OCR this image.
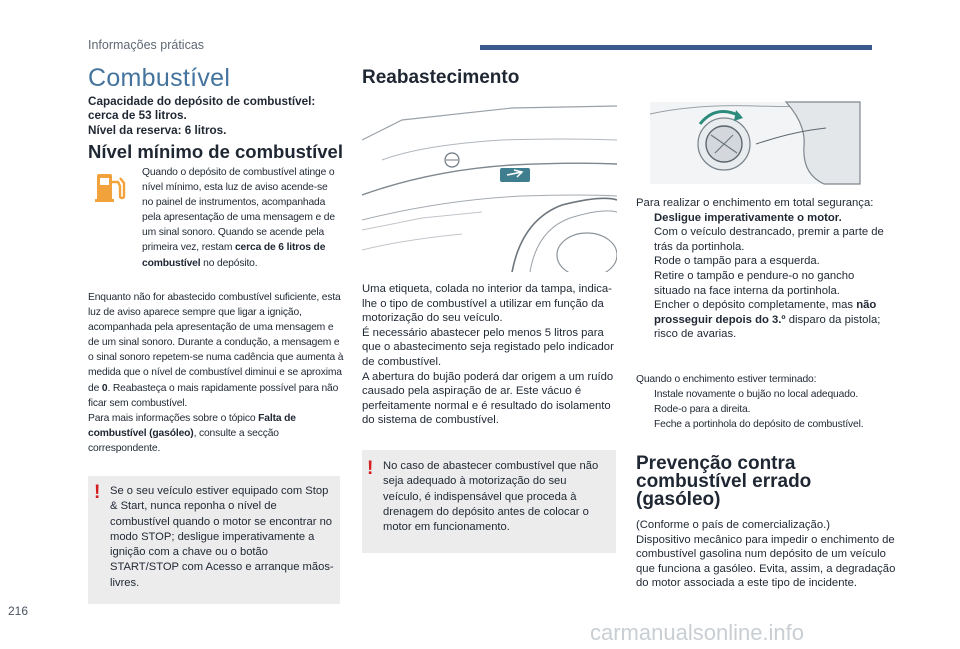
Informações práticas
Combustível
Capacidade do depósito de combustível:
cerca de 53 litros.
Nível da reserva: 6 litros.
Nível mínimo de combustível
Quando o depósito de combustível atinge o nível mínimo, esta luz de aviso acende-se no painel de instrumentos, acompanhada pela apresentação de uma mensagem e de um sinal sonoro. Quando se acende pela primeira vez, restam cerca de 6 litros de combustível no depósito.

Enquanto não for abastecido combustível suficiente, esta luz de aviso aparece sempre que ligar a ignição, acompanhada pela apresentação de uma mensagem e de um sinal sonoro. Durante a condução, a mensagem e o sinal sonoro repetem-se numa cadência que aumenta à medida que o nível de combustível diminui e se aproxima de 0. Reabasteça o mais rapidamente possível para não ficar sem combustível.

Para mais informações sobre o tópico Falta de combustível (gasóleo), consulte a secção correspondente.

! Se o seu veículo estiver equipado com Stop & Start, nunca reponha o nível de combustível quando o motor se encontrar no modo STOP; desligue imperativamente a ignição com a chave ou o botão START/STOP com Acesso e arranque mãos-livres.
Reabastecimento

Uma etiqueta, colada no interior da tampa, indica-lhe o tipo de combustível a utilizar em função da motorização do seu veículo.

É necessário abastecer pelo menos 5 litros para que o abastecimento seja registado pelo indicador de combustível.

A abertura do bujão poderá dar origem a um ruído causado pela aspiração de ar. Este vácuo é perfeitamente normal e é resultado do isolamento do sistema de combustível.

! No caso de abastecer combustível que não seja adequado à motorização do seu veículo, é indispensável que proceda à drenagem do depósito antes de colocar o motor em funcionamento.

Para realizar o enchimento em total segurança:

Desligue imperativamente o motor.
Com o veículo destrancado, premir a parte de trás da portinhola.
Rode o tampão para a esquerda.
Retire o tampão e pendure-o no gancho situado na face interna da portinhola.
Encher o depósito completamente, mas não prosseguir depois do 3.º disparo da pistola; risco de avarias.

Quando o enchimento estiver terminado:

Instale novamente o bujão no local adequado.
Rode-o para a direita.
Feche a portinhola do depósito de combustível.
Prevenção contra
combustível errado
(gasóleo)

(Conforme o país de comercialização.)

Dispositivo mecânico para impedir o enchimento de combustível gasolina num depósito de um veículo que funciona a gasóleo. Evita, assim, a degradação do motor associada a este tipo de incidente.

216
carmanualsonline.info
